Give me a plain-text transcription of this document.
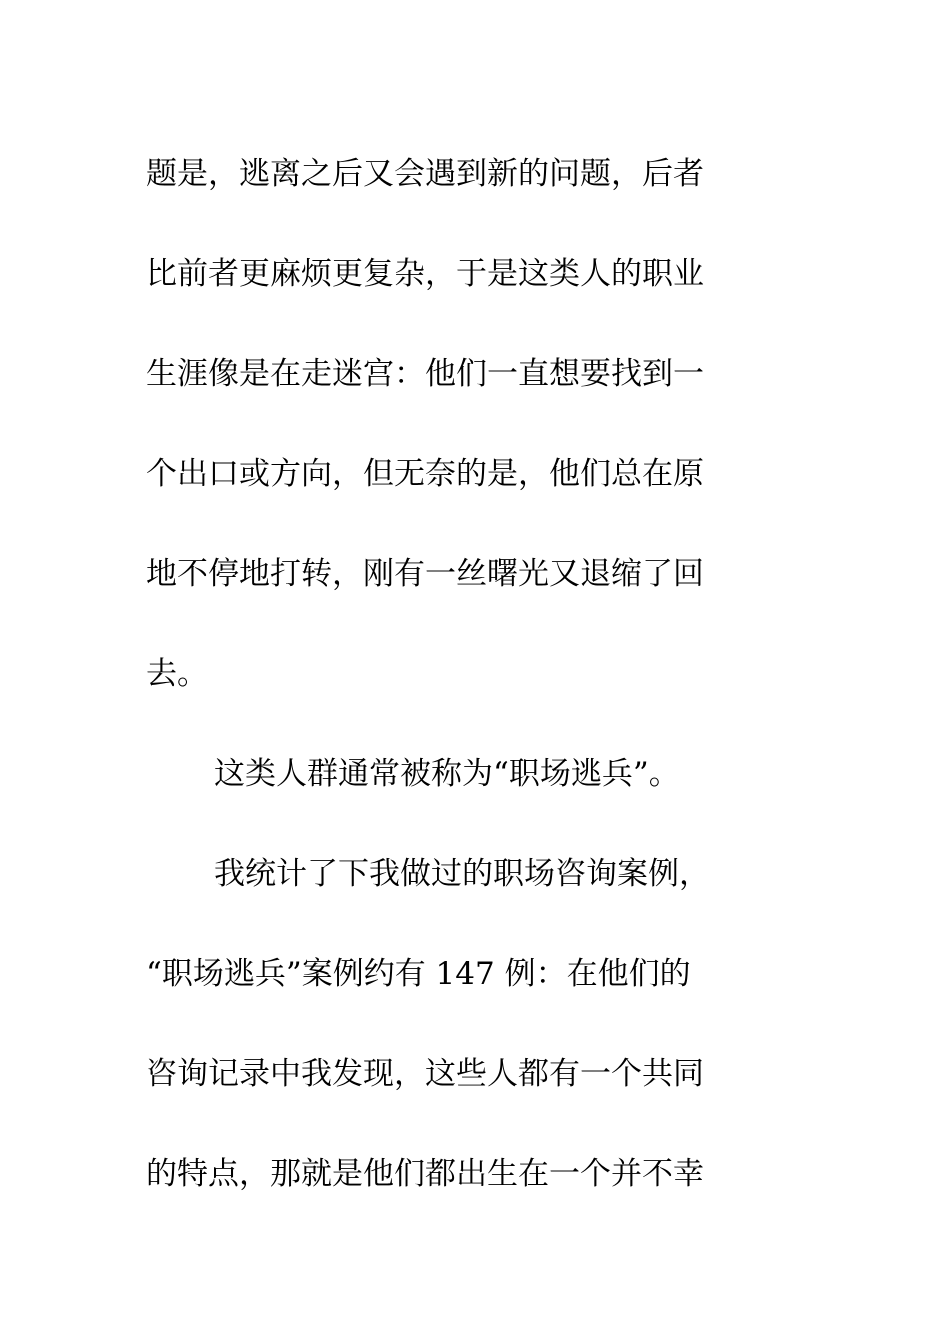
题是，逃离之后又会遇到新的问题，后者
比前者更麻烦更复杂，于是这类人的职业
生涯像是在走迷宫：他们一直想要找到一
个出口或方向，但无奈的是，他们总在原
地不停地打转，刚有一丝曙光又退缩了回
去。
这类人群通常被称为“职场逃兵”。
我统计了下我做过的职场咨询案例，
“职场逃兵”案例约有 147 例：在他们的
咨询记录中我发现，这些人都有一个共同
的特点，那就是他们都出生在一个并不幸
